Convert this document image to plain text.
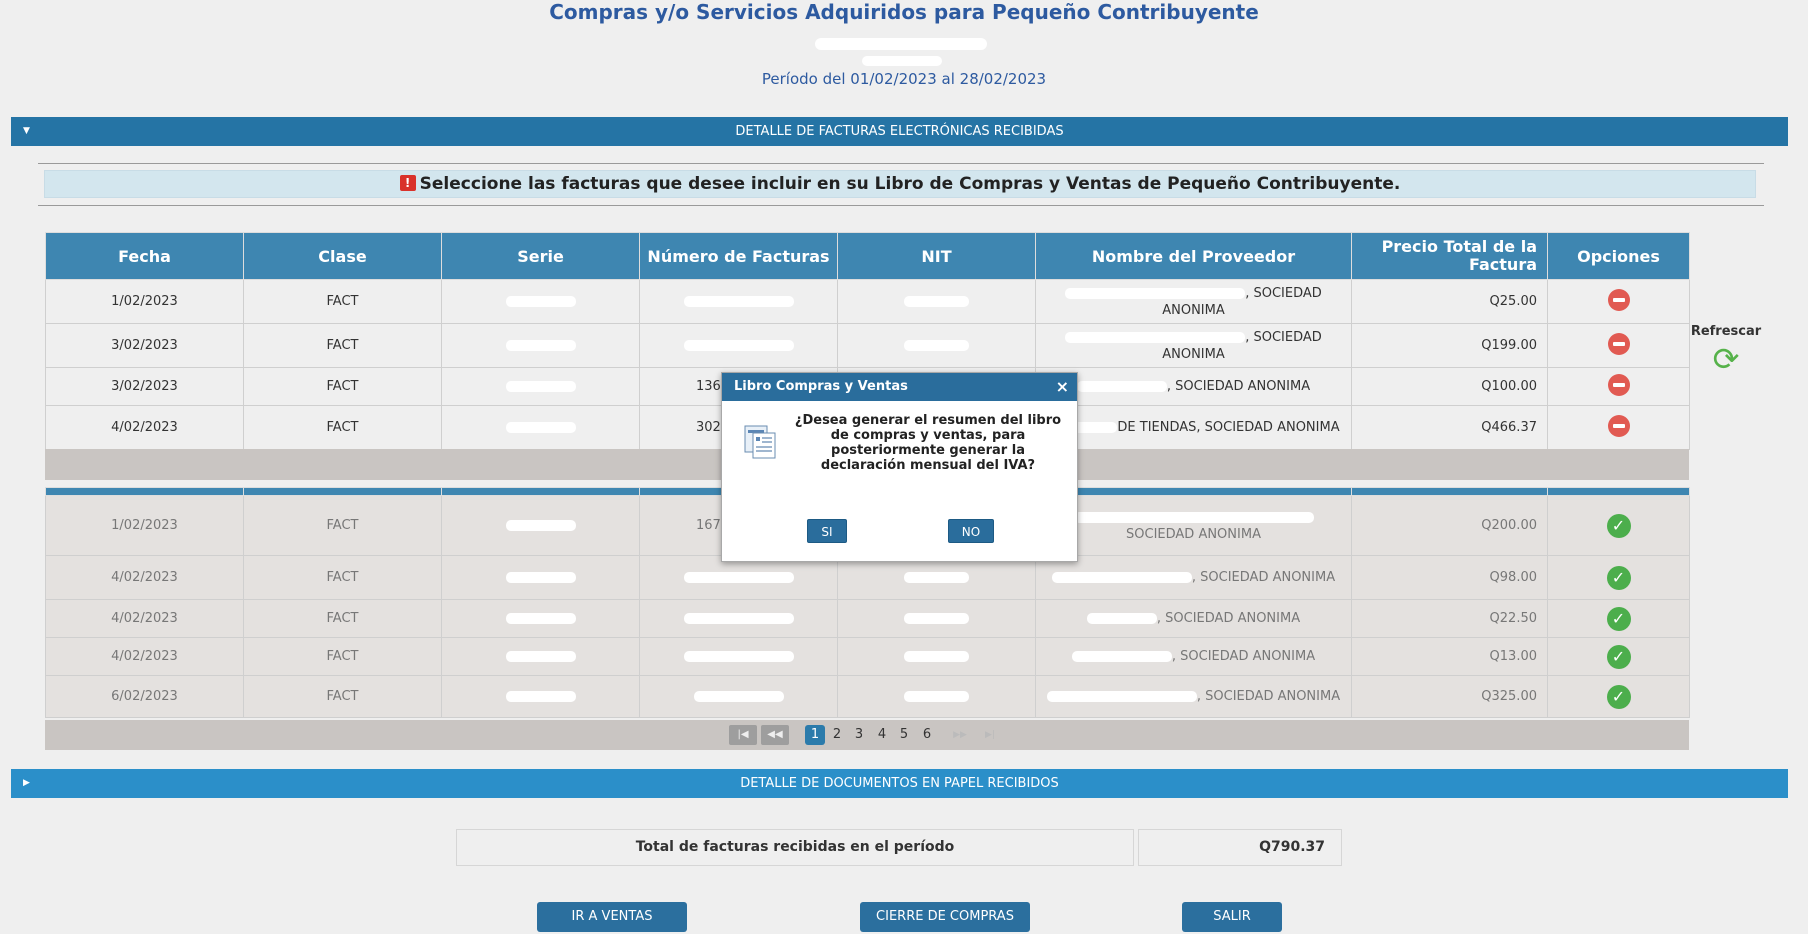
Compras y/o Servicios Adquiridos para Pequeño Contribuyente
Período del 01/02/2023 al 28/02/2023
▼	DETALLE DE FACTURAS ELECTRÓNICAS RECIBIDAS
! Seleccione las facturas que desee incluir en su Libro de Compras y Ventas de Pequeño Contribuyente.
Fecha	Clase	Serie	Número de Facturas	NIT	Nombre del Proveedor	Precio Total de la Factura	Opciones
1/02/2023	FACT				, SOCIEDAD ANONIMA	Q25.00	
3/02/2023	FACT				, SOCIEDAD ANONIMA	Q199.00	
3/02/2023	FACT		136		, SOCIEDAD ANONIMA	Q100.00	
4/02/2023	FACT		302		DE TIENDAS, SOCIEDAD ANONIMA	Q466.37	

1/02/2023	FACT		167		SOCIEDAD ANONIMA	Q200.00	✓
4/02/2023	FACT				, SOCIEDAD ANONIMA	Q98.00	✓
4/02/2023	FACT				, SOCIEDAD ANONIMA	Q22.50	✓
4/02/2023	FACT				, SOCIEDAD ANONIMA	Q13.00	✓
6/02/2023	FACT				, SOCIEDAD ANONIMA	Q325.00	✓
|◀	◀◀	1	2	3	4	5	6	▶▶	▶|
Refrescar
⟳
▶	DETALLE DE DOCUMENTOS EN PAPEL RECIBIDOS
Total de facturas recibidas en el período	Q790.37
IR A VENTAS	CIERRE DE COMPRAS	SALIR
Libro Compras y Ventas	×
¿Desea generar el resumen del libro de compras y ventas, para posteriormente generar la declaración mensual del IVA?
SI	NO
